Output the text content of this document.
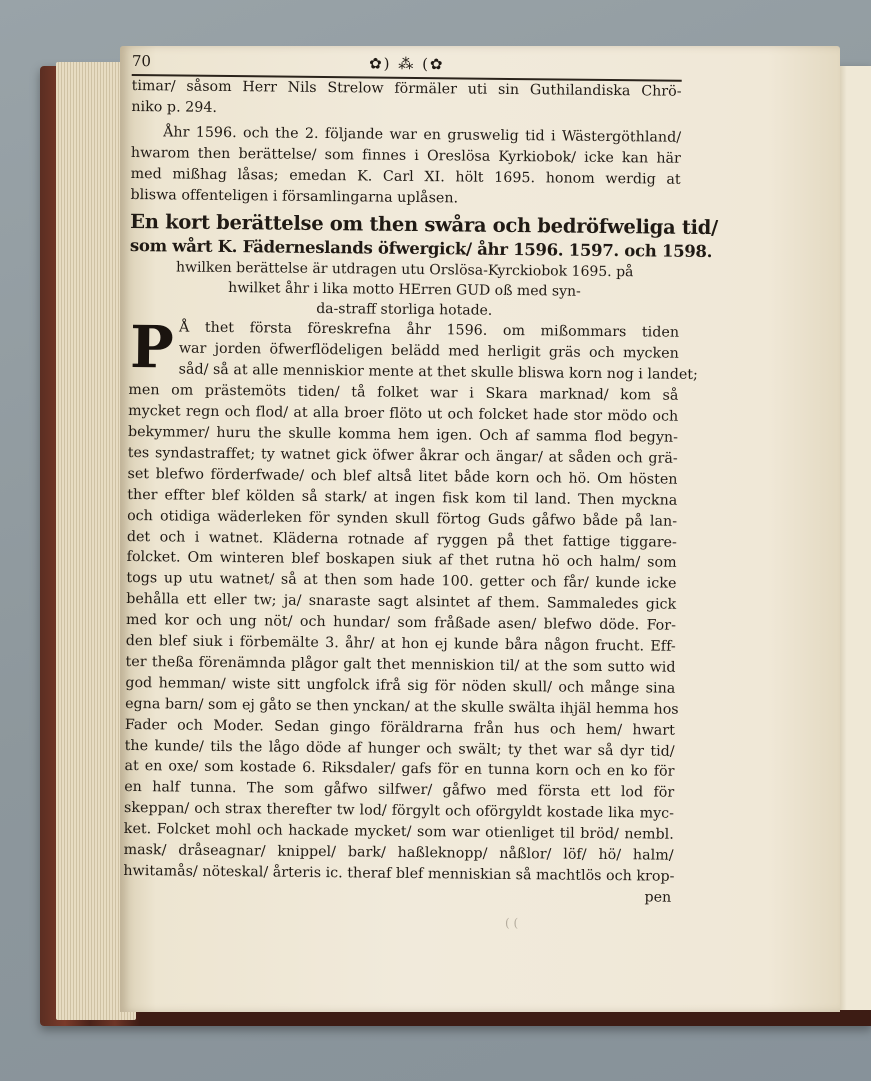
70	✿) ⁂ (✿
timar/ såsom Herr Nils Strelow förmäler uti sin Guthilandiska Chrö-
niko p. 294.
Åhr 1596. och the 2. följande war en gruswelig tid i Wästergöthland/
hwarom then berättelse/ som finnes i Oreslösa Kyrkiobok/ icke kan här
med mißhag låsas; emedan K. Carl XI. hölt 1695. honom werdig at
bliswa offenteligen i församlingarna uplåsen.
En kort berättelse om then swåra och bedröfweliga tid/
som wårt K. Fäderneslands öfwergick/ åhr 1596. 1597. och 1598.
hwilken berättelse är utdragen utu Orslösa-Kyrckiobok 1695. på
hwilket åhr i lika motto HErren GUD oß med syn-
da-straff storliga hotade.
P Å thet första föreskrefna åhr 1596. om mißommars tiden
war jorden öfwerflödeligen belädd med herligit gräs och mycken
såd/ så at alle menniskior mente at thet skulle bliswa korn nog i landet;
men om prästemöts tiden/ tå folket war i Skara marknad/ kom så
mycket regn och flod/ at alla broer flöto ut och folcket hade stor mödo och
bekymmer/ huru the skulle komma hem igen. Och af samma flod begyn-
tes syndastraffet; ty watnet gick öfwer åkrar och ängar/ at såden och grä-
set blefwo förderfwade/ och blef altså litet både korn och hö. Om hösten
ther effter blef kölden så stark/ at ingen fisk kom til land. Then myckna
och otidiga wäderleken för synden skull förtog Guds gåfwo både på lan-
det och i watnet. Kläderna rotnade af ryggen på thet fattige tiggare-
folcket. Om winteren blef boskapen siuk af thet rutna hö och halm/ som
togs up utu watnet/ så at then som hade 100. getter och får/ kunde icke
behålla ett eller tw; ja/ snaraste sagt alsintet af them. Sammaledes gick
med kor och ung nöt/ och hundar/ som fråßade asen/ blefwo döde. For-
den blef siuk i förbemälte 3. åhr/ at hon ej kunde båra någon frucht. Eff-
ter theßa förenämnda plågor galt thet menniskion til/ at the som sutto wid
god hemman/ wiste sitt ungfolck ifrå sig för nöden skull/ och månge sina
egna barn/ som ej gåto se then ynckan/ at the skulle swälta ihjäl hemma hos
Fader och Moder. Sedan gingo föräldrarna från hus och hem/ hwart
the kunde/ tils the lågo döde af hunger och swält; ty thet war så dyr tid/
at en oxe/ som kostade 6. Riksdaler/ gafs för en tunna korn och en ko för
en half tunna. The som gåfwo silfwer/ gåfwo med första ett lod för
skeppan/ och strax therefter tw lod/ förgylt och oförgyldt kostade lika myc-
ket. Folcket mohl och hackade mycket/ som war otienliget til bröd/ nembl.
mask/ dråseagnar/ knippel/ bark/ haßleknopp/ nåßlor/ löf/ hö/ halm/
hwitamås/ nöteskal/ årteris ic. theraf blef menniskian så machtlös och krop-
pen
( (
